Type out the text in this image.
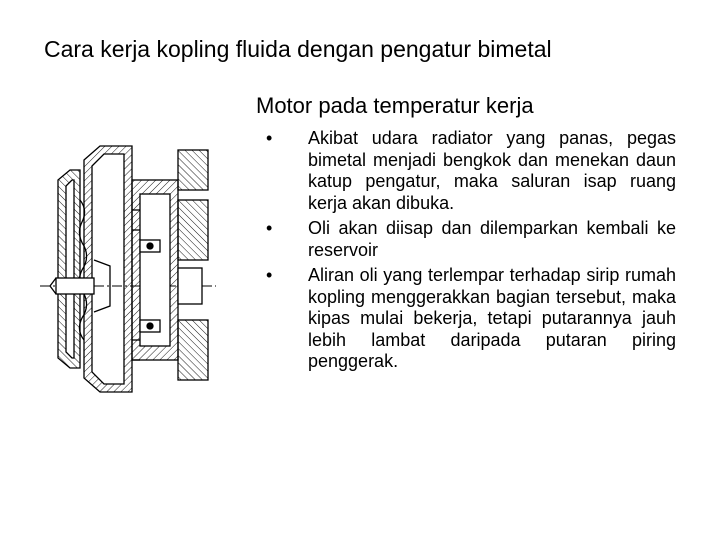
Cara kerja kopling fluida dengan pengatur bimetal
Motor pada temperatur kerja
• Akibat udara radiator yang panas, pegas bimetal menjadi bengkok dan menekan daun katup pengatur, maka saluran isap ruang kerja akan dibuka.
• Oli akan diisap dan dilemparkan kembali ke reservoir
• Aliran oli yang terlempar terhadap sirip rumah kopling menggerakkan bagian tersebut, maka kipas mulai bekerja, tetapi putarannya jauh lebih lambat daripada putaran piring penggerak.
